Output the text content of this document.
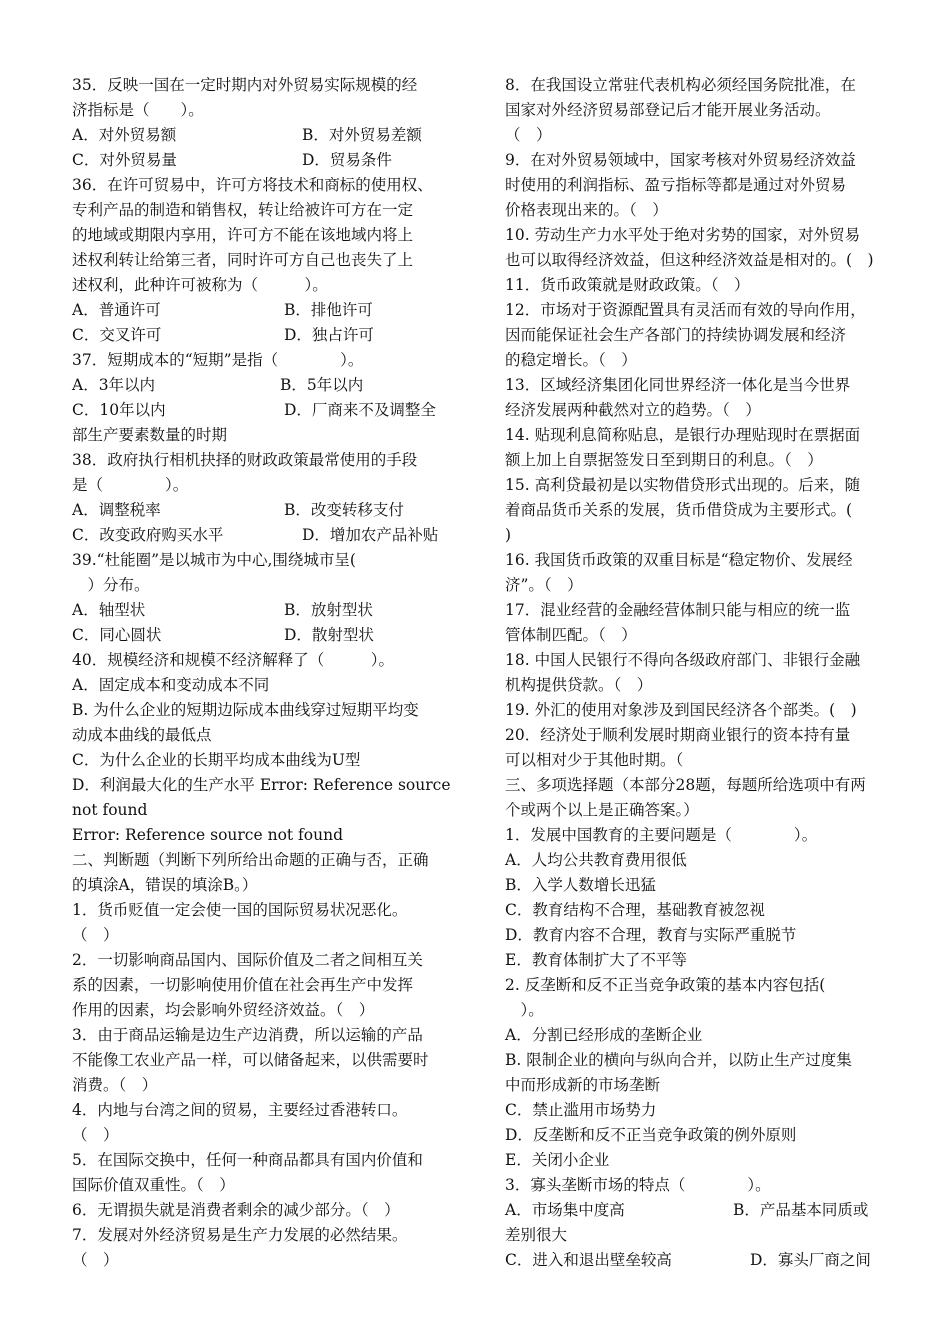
35．反映一国在一定时期内对外贸易实际规模的经
济指标是（　　）。
A．对外贸易额	B．对外贸易差额
C．对外贸易量	D．贸易条件
36．在许可贸易中，许可方将技术和商标的使用权、
专利产品的制造和销售权，转让给被许可方在一定
的地域或期限内享用，许可方不能在该地域内将上
述权利转让给第三者，同时许可方自己也丧失了上
述权利，此种许可被称为（　　　）。
A．普通许可	B．排他许可
C．交叉许可	D．独占许可
37．短期成本的“短期”是指（　　　　）。
A．3年以内	B．5年以内
C．10年以内	D．厂商来不及调整全
部生产要素数量的时期
38．政府执行相机抉择的财政政策最常使用的手段
是（　　　　）。
A．调整税率	B．改变转移支付
C．改变政府购买水平	D．增加农产品补贴
39.“杜能圈”是以城市为中心,围绕城市呈(
　）分布。
A．轴型状	B．放射型状
C．同心圆状	D．散射型状
40．规模经济和规模不经济解释了（　　　）。
A．固定成本和变动成本不同
B. 为什么企业的短期边际成本曲线穿过短期平均变
动成本曲线的最低点
C．为什么企业的长期平均成本曲线为U型
D．利润最大化的生产水平 Error: Reference source
not found
Error: Reference source not found
二、判断题（判断下列所给出命题的正确与否，正确
的填涂A，错误的填涂B。）
1．货币贬值一定会使一国的国际贸易状况恶化。
（　）
2．一切影响商品国内、国际价值及二者之间相互关
系的因素，一切影响使用价值在社会再生产中发挥
作用的因素，均会影响外贸经济效益。（　）
3．由于商品运输是边生产边消费，所以运输的产品
不能像工农业产品一样，可以储备起来，以供需要时
消费。（　）
4．内地与台湾之间的贸易，主要经过香港转口。
（　）
5．在国际交换中，任何一种商品都具有国内价值和
国际价值双重性。（　）
6．无谓损失就是消费者剩余的减少部分。（　）
7．发展对外经济贸易是生产力发展的必然结果。
（　）
8．在我国设立常驻代表机构必须经国务院批准，在
国家对外经济贸易部登记后才能开展业务活动。
（　）
9．在对外贸易领域中，国家考核对外贸易经济效益
时使用的利润指标、盈亏指标等都是通过对外贸易
价格表现出来的。（　）
10. 劳动生产力水平处于绝对劣势的国家，对外贸易
也可以取得经济效益，但这种经济效益是相对的。(　)
11．货币政策就是财政政策。（　）
12．市场对于资源配置具有灵活而有效的导向作用，
因而能保证社会生产各部门的持续协调发展和经济
的稳定增长。（　）
13．区域经济集团化同世界经济一体化是当今世界
经济发展两种截然对立的趋势。（　）
14. 贴现利息简称贴息，是银行办理贴现时在票据面
额上加上自票据签发日至到期日的利息。（　）
15. 高利贷最初是以实物借贷形式出现的。后来，随
着商品货币关系的发展，货币借贷成为主要形式。(
)
16. 我国货币政策的双重目标是“稳定物价、发展经
济”。（　）
17．混业经营的金融经营体制只能与相应的统一监
管体制匹配。（　）
18. 中国人民银行不得向各级政府部门、非银行金融
机构提供贷款。（　）
19. 外汇的使用对象涉及到国民经济各个部类。(　)
20．经济处于顺利发展时期商业银行的资本持有量
可以相对少于其他时期。（
三、多项选择题（本部分28题，每题所给选项中有两
个或两个以上是正确答案。）
1．发展中国教育的主要问题是（　　　　）。
A．人均公共教育费用很低
B．入学人数增长迅猛
C．教育结构不合理，基础教育被忽视
D．教育内容不合理，教育与实际严重脱节
E．教育体制扩大了不平等
2. 反垄断和反不正当竞争政策的基本内容包括(
　）。
A．分割已经形成的垄断企业
B. 限制企业的横向与纵向合并，以防止生产过度集
中而形成新的市场垄断
C．禁止滥用市场势力
D．反垄断和反不正当竞争政策的例外原则
E．关闭小企业
3．寡头垄断市场的特点（　　　　）。
A．市场集中度高	B．产品基本同质或
差别很大
C．进入和退出壁垒较高	D．寡头厂商之间
